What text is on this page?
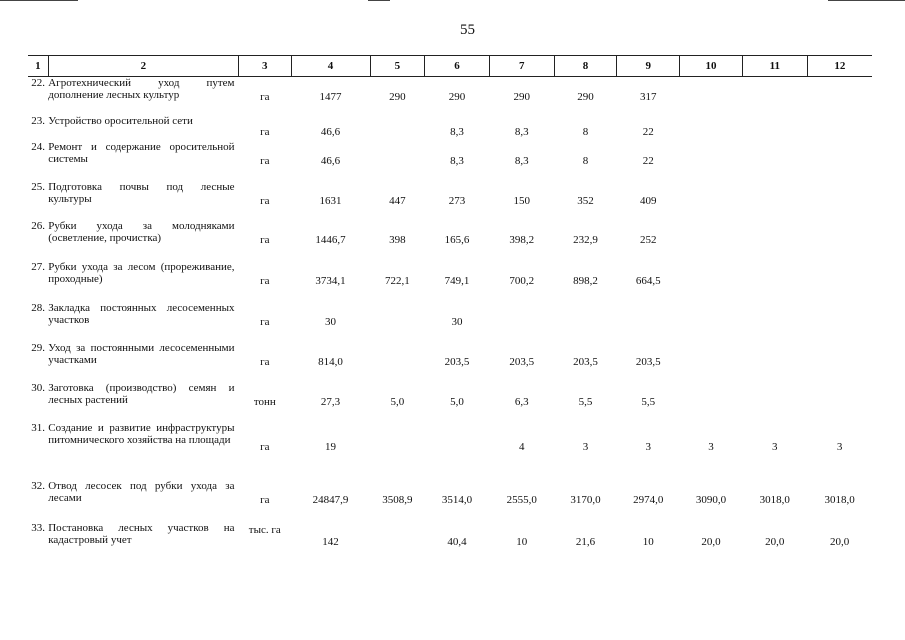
55
1	2	3	4	5	6	7	8	9	10	11	12
22.	Агротехнический уход путем дополнение лесных культур	га	1477	290	290	290	290	317			
23.	Устройство оросительной сети	га	46,6		8,3	8,3	8	22			
24.	Ремонт и содержание оросительной системы	га	46,6		8,3	8,3	8	22			
25.	Подготовка почвы под лесные культуры	га	1631	447	273	150	352	409			
26.	Рубки ухода за молодняками (осветление, прочистка)	га	1446,7	398	165,6	398,2	232,9	252			
27.	Рубки ухода за лесом (прореживание, проходные)	га	3734,1	722,1	749,1	700,2	898,2	664,5			
28.	Закладка постоянных лесосеменных участков	га	30		30						
29.	Уход за постоянными лесосеменными участками	га	814,0		203,5	203,5	203,5	203,5			
30.	Заготовка (производство) семян и лесных растений	тонн	27,3	5,0	5,0	6,3	5,5	5,5			
31.	Создание и развитие инфраструктуры питомнического хозяйства на площади	га	19			4	3	3	3	3	3
32.	Отвод лесосек под рубки ухода за лесами	га	24847,9	3508,9	3514,0	2555,0	3170,0	2974,0	3090,0	3018,0	3018,0
33.	Постановка лесных участков на кадастровый учет	тыс. га	142		40,4	10	21,6	10	20,0	20,0	20,0
